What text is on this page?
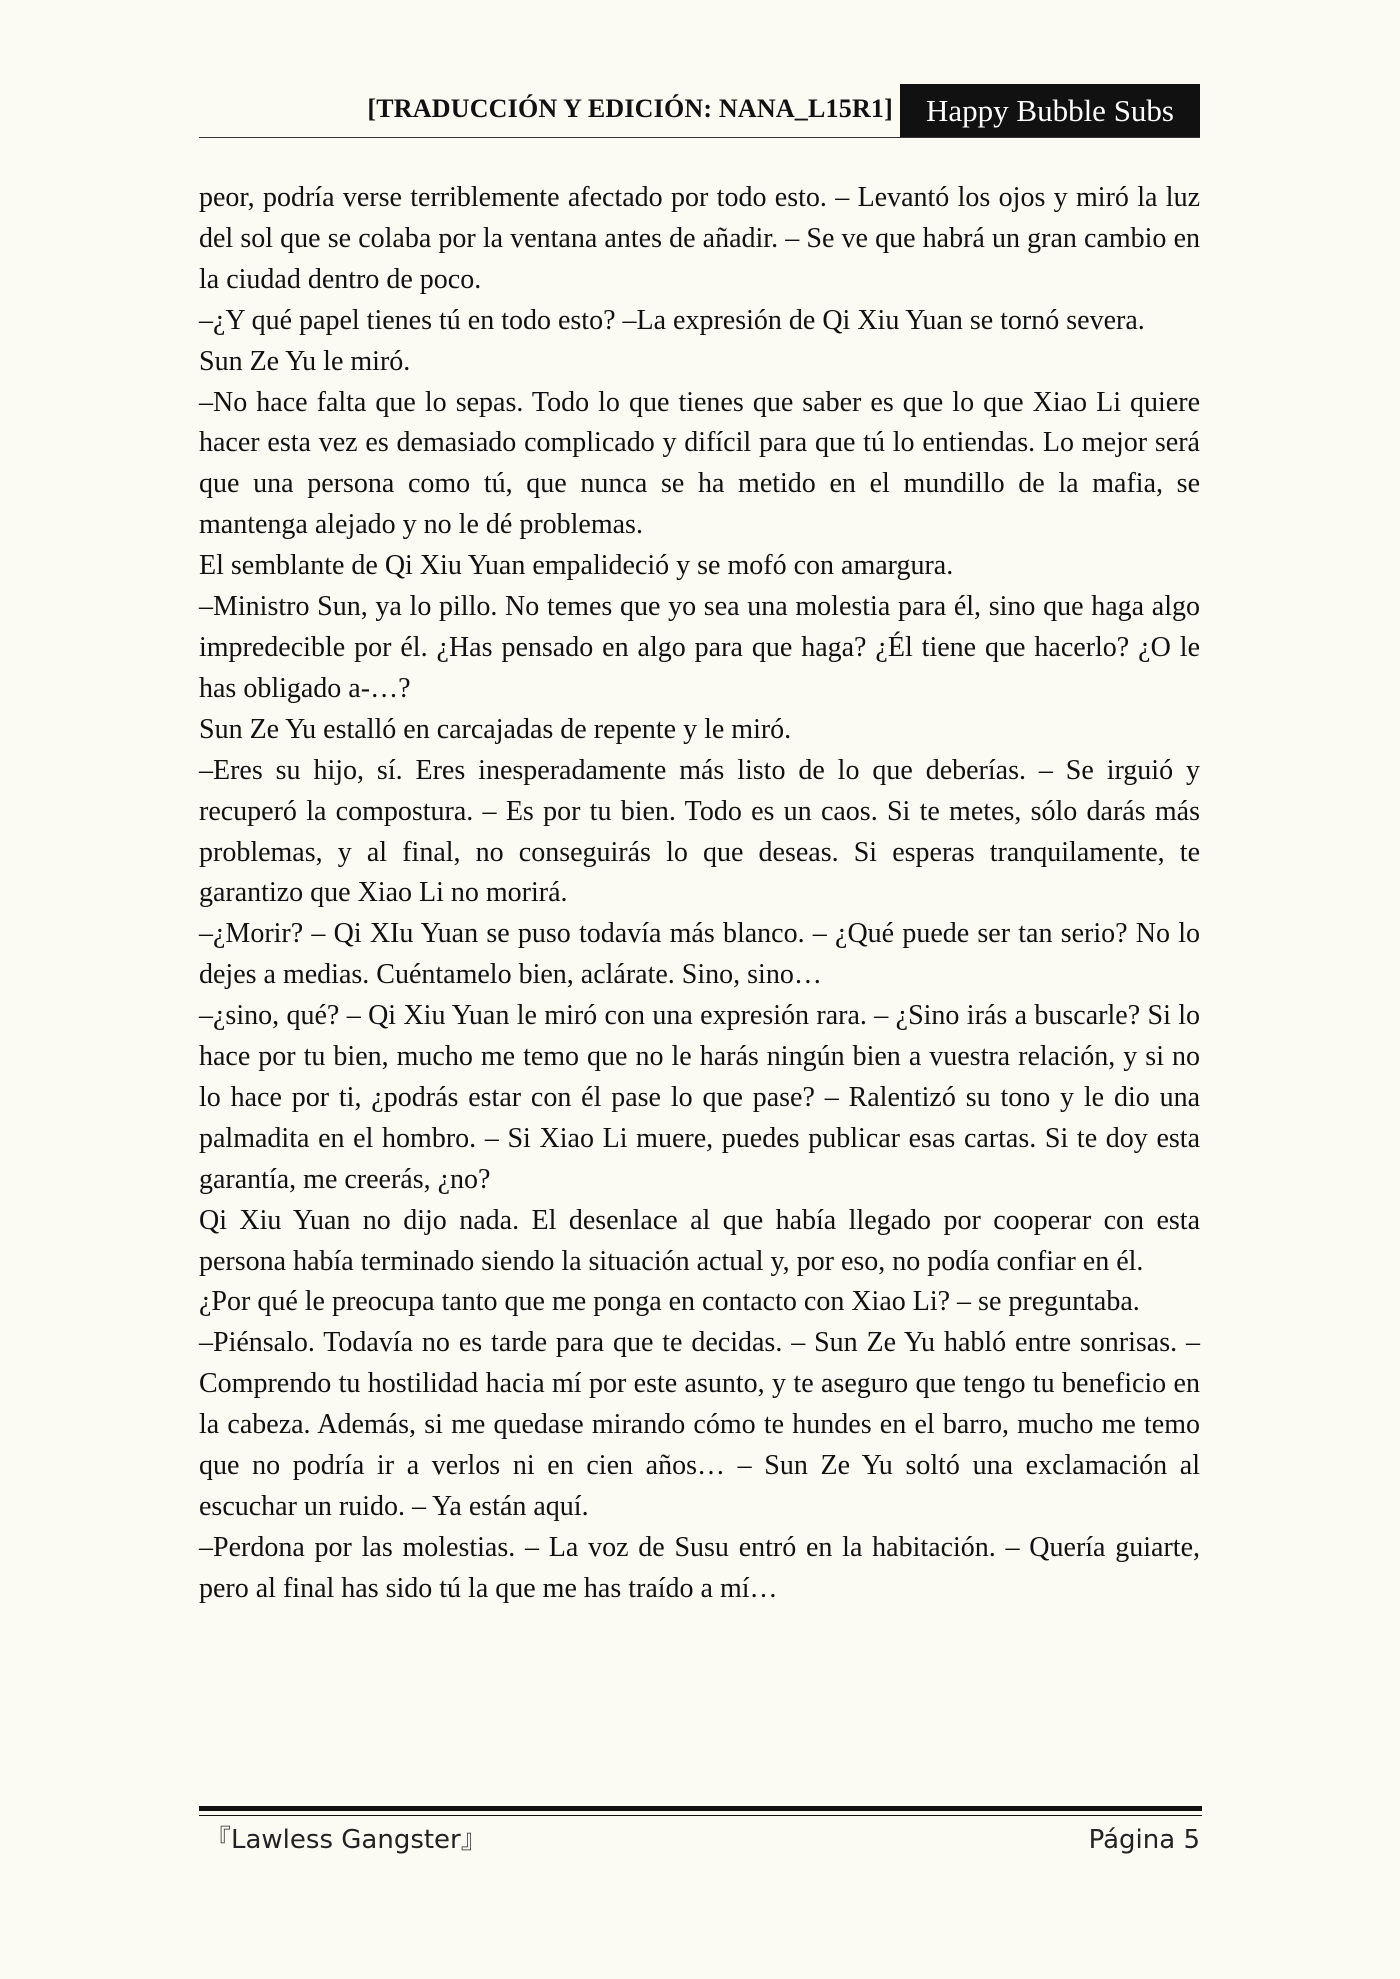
[TRADUCCIÓN Y EDICIÓN: NANA_L15R1]	Happy Bubble Subs

peor, podría verse terriblemente afectado por todo esto. – Levantó los ojos y miró la luz del sol que se colaba por la ventana antes de añadir. – Se ve que habrá un gran cambio en la ciudad dentro de poco.

–¿Y qué papel tienes tú en todo esto? –La expresión de Qi Xiu Yuan se tornó severa.

Sun Ze Yu le miró.

–No hace falta que lo sepas. Todo lo que tienes que saber es que lo que Xiao Li quiere hacer esta vez es demasiado complicado y difícil para que tú lo entiendas. Lo mejor será que una persona como tú, que nunca se ha metido en el mundillo de la mafia, se mantenga alejado y no le dé problemas.

El semblante de Qi Xiu Yuan empalideció y se mofó con amargura.

–Ministro Sun, ya lo pillo. No temes que yo sea una molestia para él, sino que haga algo impredecible por él. ¿Has pensado en algo para que haga? ¿Él tiene que hacerlo? ¿O le has obligado a-…?

Sun Ze Yu estalló en carcajadas de repente y le miró.

–Eres su hijo, sí. Eres inesperadamente más listo de lo que deberías. – Se irguió y recuperó la compostura. – Es por tu bien. Todo es un caos. Si te metes, sólo darás más problemas, y al final, no conseguirás lo que deseas. Si esperas tranquilamente, te garantizo que Xiao Li no morirá.

–¿Morir? – Qi XIu Yuan se puso todavía más blanco. – ¿Qué puede ser tan serio? No lo dejes a medias. Cuéntamelo bien, aclárate. Sino, sino…

–¿sino, qué? – Qi Xiu Yuan le miró con una expresión rara. – ¿Sino irás a buscarle? Si lo hace por tu bien, mucho me temo que no le harás ningún bien a vuestra relación, y si no lo hace por ti, ¿podrás estar con él pase lo que pase? – Ralentizó su tono y le dio una palmadita en el hombro. – Si Xiao Li muere, puedes publicar esas cartas. Si te doy esta garantía, me creerás, ¿no?

Qi Xiu Yuan no dijo nada. El desenlace al que había llegado por cooperar con esta persona había terminado siendo la situación actual y, por eso, no podía confiar en él.

¿Por qué le preocupa tanto que me ponga en contacto con Xiao Li? – se preguntaba.

–Piénsalo. Todavía no es tarde para que te decidas. – Sun Ze Yu habló entre sonrisas. – Comprendo tu hostilidad hacia mí por este asunto, y te aseguro que tengo tu beneficio en la cabeza. Además, si me quedase mirando cómo te hundes en el barro, mucho me temo que no podría ir a verlos ni en cien años… – Sun Ze Yu soltó una exclamación al escuchar un ruido. – Ya están aquí.

–Perdona por las molestias. – La voz de Susu entró en la habitación. – Quería guiarte, pero al final has sido tú la que me has traído a mí…

『Lawless Gangster』	Página 5
